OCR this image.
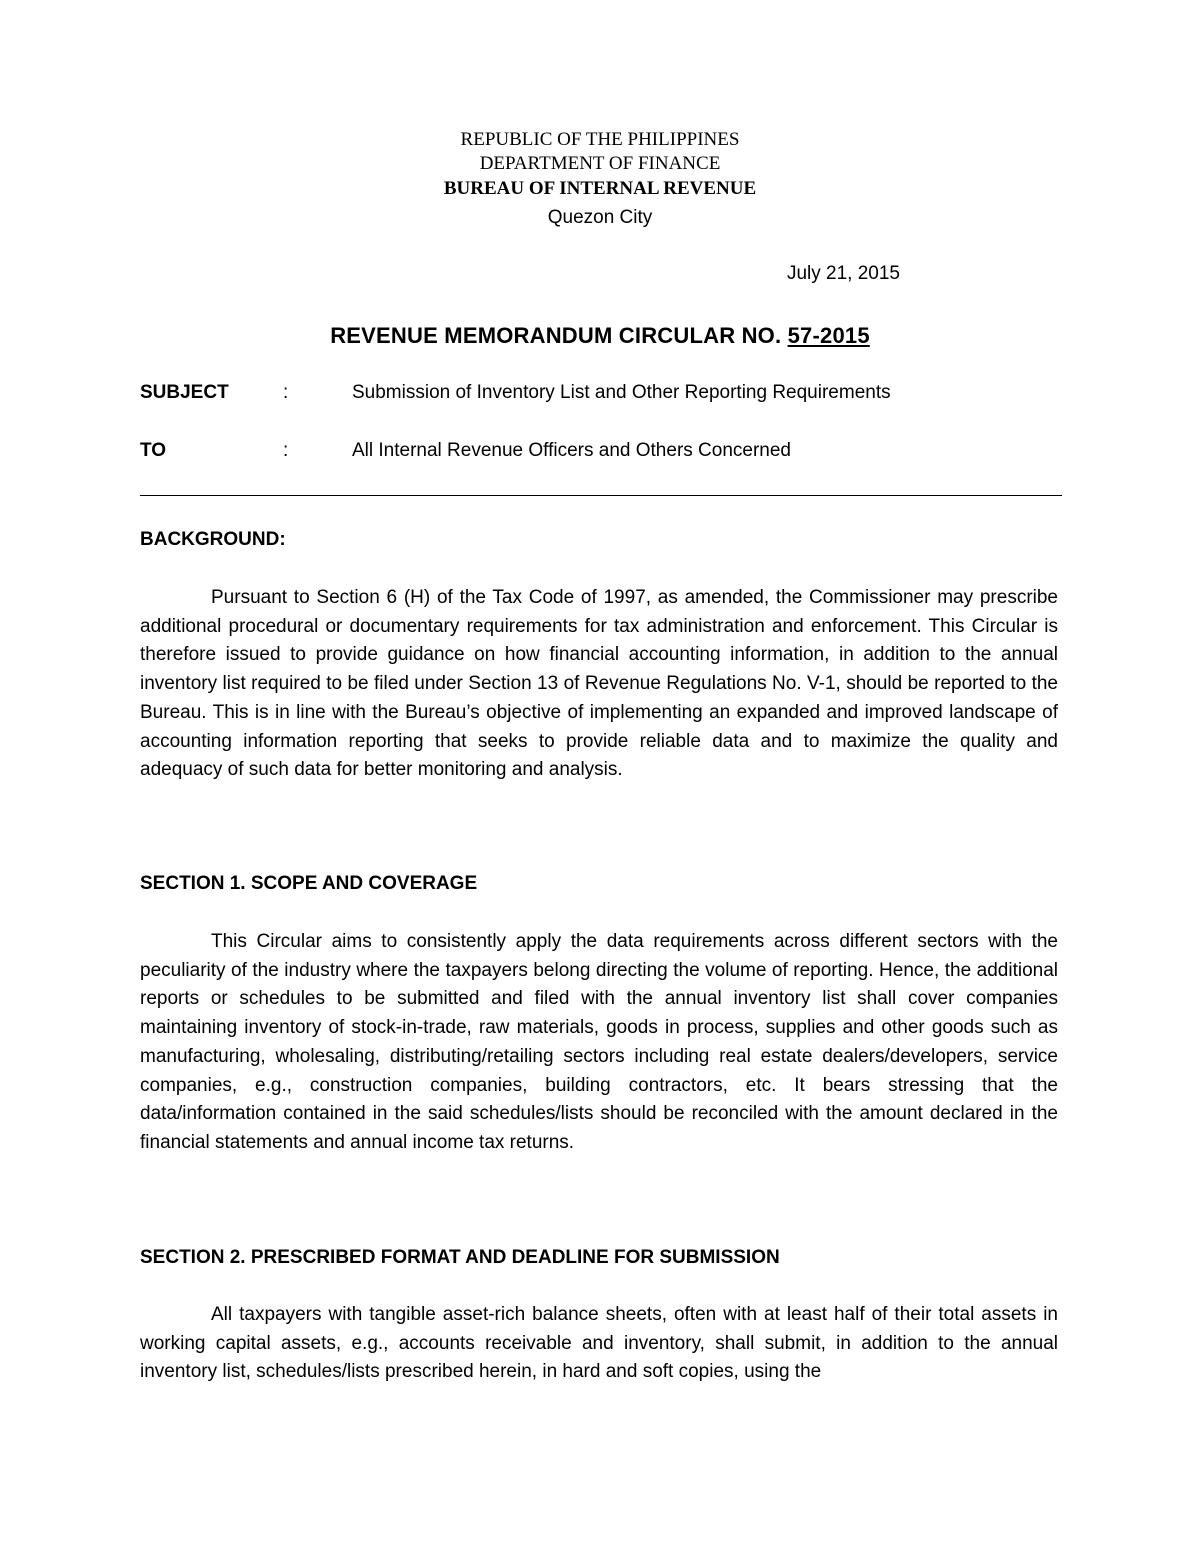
REPUBLIC OF THE PHILIPPINES
DEPARTMENT OF FINANCE
BUREAU OF INTERNAL REVENUE
Quezon City
July 21, 2015
REVENUE MEMORANDUM CIRCULAR NO. 57-2015
SUBJECT	:	Submission of Inventory List and Other Reporting Requirements
TO	:	All Internal Revenue Officers and Others Concerned
BACKGROUND:

Pursuant to Section 6 (H) of the Tax Code of 1997, as amended, the Commissioner may prescribe additional procedural or documentary requirements for tax administration and enforcement. This Circular is therefore issued to provide guidance on how financial accounting information, in addition to the annual inventory list required to be filed under Section 13 of Revenue Regulations No. V-1, should be reported to the Bureau. This is in line with the Bureau’s objective of implementing an expanded and improved landscape of accounting information reporting that seeks to provide reliable data and to maximize the quality and adequacy of such data for better monitoring and analysis.

SECTION 1. SCOPE AND COVERAGE

This Circular aims to consistently apply the data requirements across different sectors with the peculiarity of the industry where the taxpayers belong directing the volume of reporting. Hence, the additional reports or schedules to be submitted and filed with the annual inventory list shall cover companies maintaining inventory of stock-in-trade, raw materials, goods in process, supplies and other goods such as manufacturing, wholesaling, distributing/retailing sectors including real estate dealers/developers, service companies, e.g., construction companies, building contractors, etc. It bears stressing that the data/information contained in the said schedules/lists should be reconciled with the amount declared in the financial statements and annual income tax returns.

SECTION 2. PRESCRIBED FORMAT AND DEADLINE FOR SUBMISSION

All taxpayers with tangible asset-rich balance sheets, often with at least half of their total assets in working capital assets, e.g., accounts receivable and inventory, shall submit, in addition to the annual inventory list, schedules/lists prescribed herein, in hard and soft copies, using the
